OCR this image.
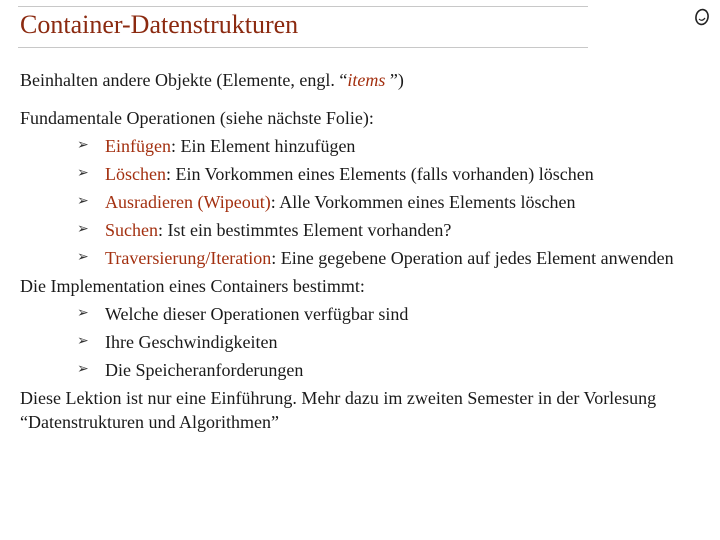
Container-Datenstrukturen
Beinhalten andere Objekte (Elemente, engl. “items ”)
Fundamentale Operationen (siehe nächste Folie):
➢ Einfügen: Ein Element hinzufügen
➢ Löschen: Ein Vorkommen eines Elements (falls vorhanden) löschen
➢ Ausradieren (Wipeout): Alle Vorkommen eines Elements löschen
➢ Suchen: Ist ein bestimmtes Element vorhanden?
➢ Traversierung/Iteration: Eine gegebene Operation auf jedes Element anwenden
Die Implementation eines Containers bestimmt:
➢ Welche dieser Operationen verfügbar sind
➢ Ihre Geschwindigkeiten
➢ Die Speicheranforderungen
Diese Lektion ist nur eine Einführung. Mehr dazu im zweiten Semester in der Vorlesung “Datenstrukturen und Algorithmen”
